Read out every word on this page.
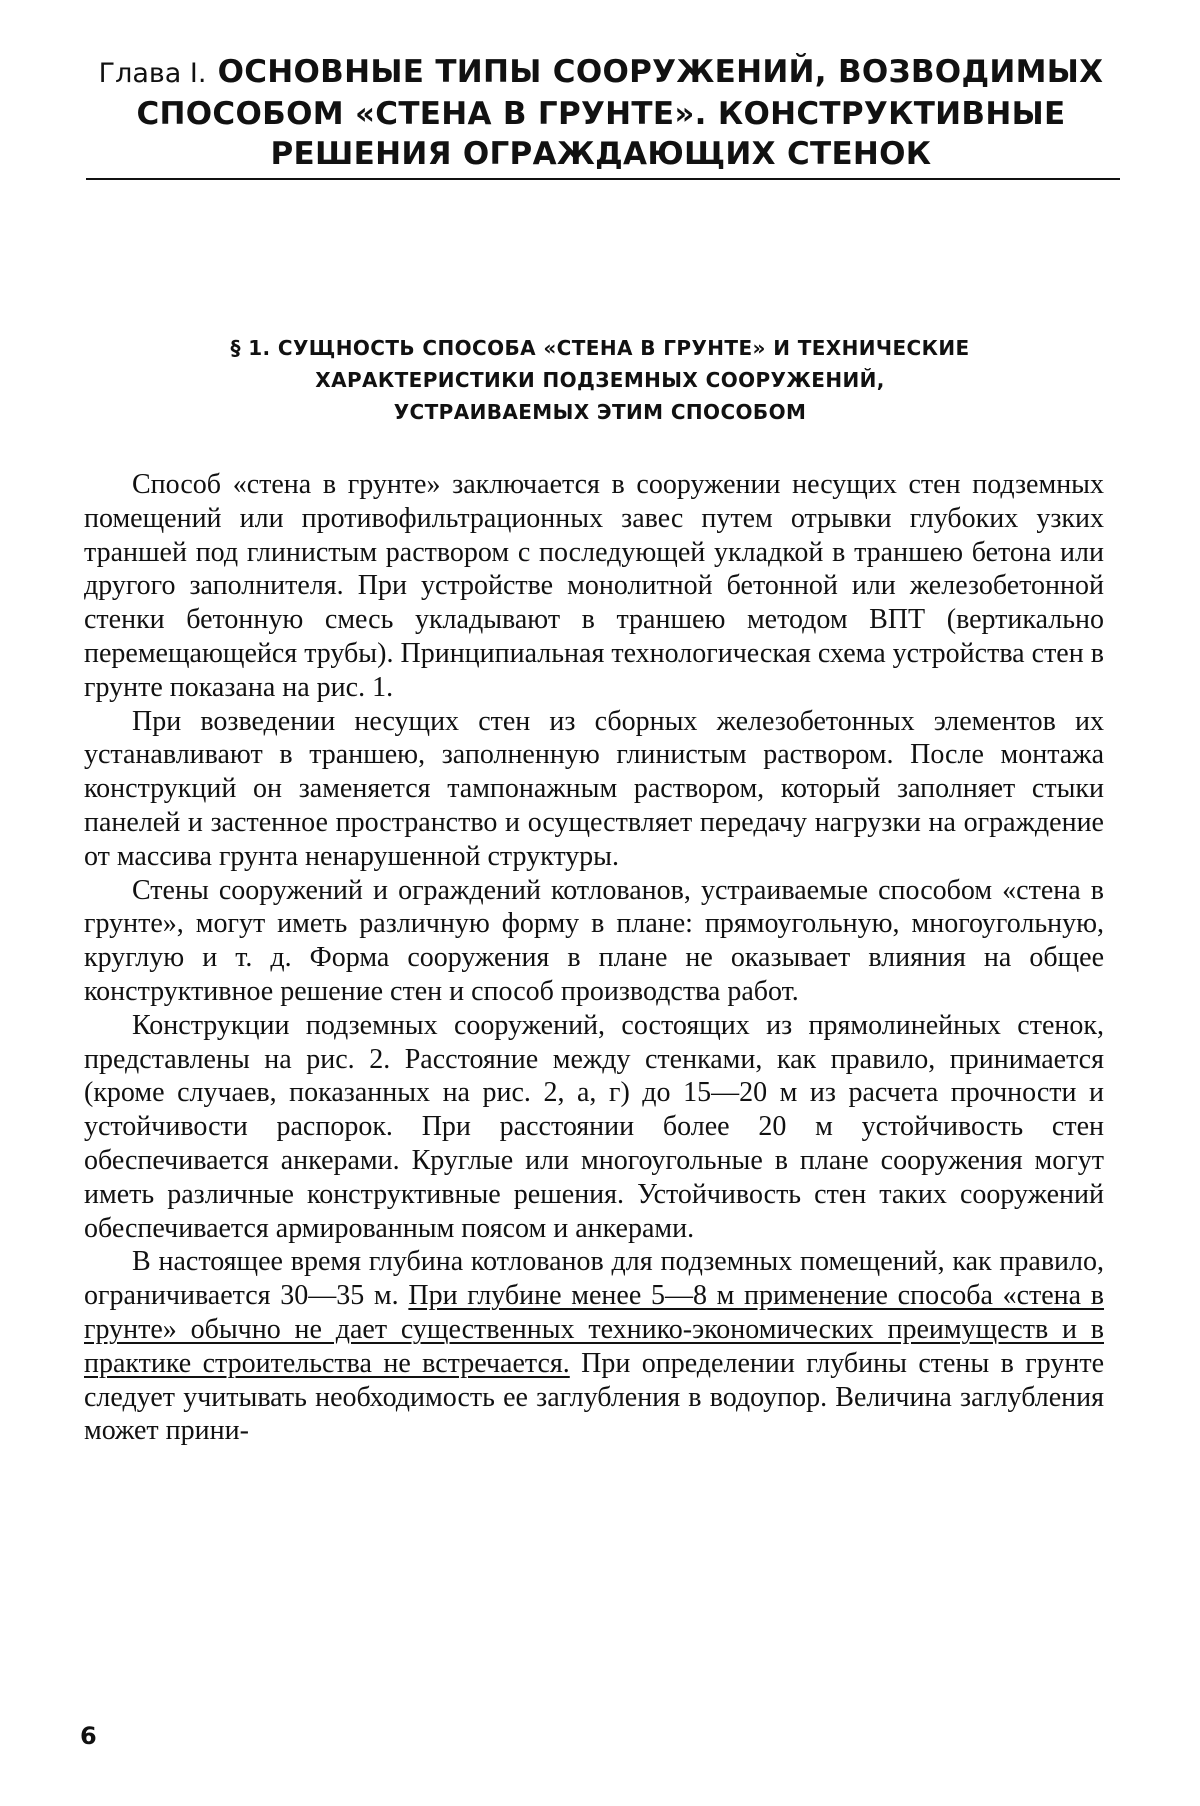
Глава I. ОСНОВНЫЕ ТИПЫ СООРУЖЕНИЙ, ВОЗВОДИМЫХ СПОСОБОМ «СТЕНА В ГРУНТЕ». КОНСТРУКТИВНЫЕ РЕШЕНИЯ ОГРАЖДАЮЩИХ СТЕНОК
§ 1. СУЩНОСТЬ СПОСОБА «СТЕНА В ГРУНТЕ» И ТЕХНИЧЕСКИЕ
ХАРАКТЕРИСТИКИ ПОДЗЕМНЫХ СООРУЖЕНИЙ,
УСТРАИВАЕМЫХ ЭТИМ СПОСОБОМ

Способ «стена в грунте» заключается в сооружении несущих стен подземных помещений или противофильтрационных завес путем отрывки глубоких узких траншей под глинистым раствором с последующей укладкой в траншею бетона или другого заполнителя. При устройстве монолитной бетонной или железобетонной стенки бетонную смесь укладывают в траншею методом ВПТ (вертикально перемещающейся трубы). Принципиальная технологическая схема устройства стен в грунте показана на рис. 1.

При возведении несущих стен из сборных железобетонных элементов их устанавливают в траншею, заполненную глинистым раствором. После монтажа конструкций он заменяется тампонажным раствором, который заполняет стыки панелей и застенное пространство и осуществляет передачу нагрузки на ограждение от массива грунта ненарушенной структуры.

Стены сооружений и ограждений котлованов, устраиваемые способом «стена в грунте», могут иметь различную форму в плане: прямоугольную, многоугольную, круглую и т. д. Форма сооружения в плане не оказывает влияния на общее конструктивное решение стен и способ производства работ.

Конструкции подземных сооружений, состоящих из прямолинейных стенок, представлены на рис. 2. Расстояние между стенками, как правило, принимается (кроме случаев, показанных на рис. 2, а, г) до 15—20 м из расчета прочности и устойчивости распорок. При расстоянии более 20 м устойчивость стен обеспечивается анкерами. Круглые или многоугольные в плане сооружения могут иметь различные конструктивные решения. Устойчивость стен таких сооружений обеспечивается армированным поясом и анкерами.

В настоящее время глубина котлованов для подземных помещений, как правило, ограничивается 30—35 м. При глубине менее 5—8 м применение способа «стена в грунте» обычно не дает существенных технико-экономических преимуществ и в практике строительства не встречается. При определении глубины стены в грунте следует учитывать необходимость ее заглубления в водоупор. Величина заглубления может прини-

6
